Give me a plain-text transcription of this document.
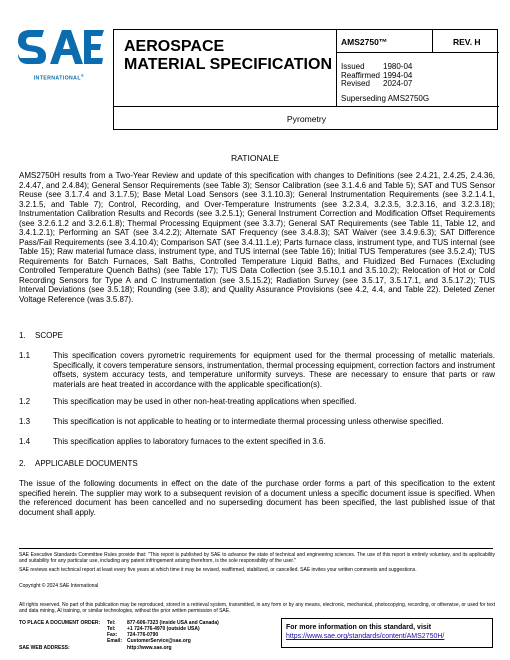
INTERNATIONAL®
AEROSPACE
MATERIAL SPECIFICATION
AMS2750™	REV. H
Issued	1980-04
Reaffirmed 1994-04
Revised	2024-07
Superseding AMS2750G
Pyrometry
RATIONALE
AMS2750H results from a Two-Year Review and update of this specification with changes to Definitions (see 2.4.21, 2.4.25, 2.4.36, 2.4.47, and 2.4.84); General Sensor Requirements (see Table 3); Sensor Calibration (see 3.1.4.6 and Table 5); SAT and TUS Sensor Reuse (see 3.1.7.4 and 3.1.7.5); Base Metal Load Sensors (see 3.1.10.3); General Instrumentation Requirements (see 3.2.1.4.1, 3.2.1.5, and Table 7); Control, Recording, and Over-Temperature Instruments (see 3.2.3.4, 3.2.3.5, 3.2.3.16, and 3.2.3.18); Instrumentation Calibration Results and Records (see 3.2.5.1); General Instrument Correction and Modification Offset Requirements (see 3.2.6.1.2 and 3.2.6.1.8); Thermal Processing Equipment (see 3.3.7); General SAT Requirements (see Table 11, Table 12, and 3.4.1.2.1); Performing an SAT (see 3.4.2.2); Alternate SAT Frequency (see 3.4.8.3); SAT Waiver (see 3.4.9.6.3); SAT Difference Pass/Fail Requirements (see 3.4.10.4); Comparison SAT (see 3.4.11.1.e); Parts furnace class, instrument type, and TUS internal (see Table 15); Raw material furnace class, instrument type, and TUS internal (see Table 16); Initial TUS Temperatures (see 3.5.2.4); TUS Requirements for Batch Furnaces, Salt Baths, Controlled Temperature Liquid Baths, and Fluidized Bed Furnaces (Excluding Controlled Temperature Quench Baths) (see Table 17); TUS Data Collection (see 3.5.10.1 and 3.5.10.2); Relocation of Hot or Cold Recording Sensors for Type A and C Instrumentation (see 3.5.15.2); Radiation Survey (see 3.5.17, 3.5.17.1, and 3.5.17.2); TUS Interval Deviations (see 3.5.18); Rounding (see 3.8); and Quality Assurance Provisions (see 4.2, 4.4, and Table 22). Deleted Zener Voltage Reference (was 3.5.87).
1. SCOPE
1.1	This specification covers pyrometric requirements for equipment used for the thermal processing of metallic materials. Specifically, it covers temperature sensors, instrumentation, thermal processing equipment, correction factors and instrument offsets, system accuracy tests, and temperature uniformity surveys. These are necessary to ensure that parts or raw materials are heat treated in accordance with the applicable specification(s).
1.2	This specification may be used in other non-heat-treating applications when specified.
1.3	This specification is not applicable to heating or to intermediate thermal processing unless otherwise specified.
1.4	This specification applies to laboratory furnaces to the extent specified in 3.6.
2. APPLICABLE DOCUMENTS
The issue of the following documents in effect on the date of the purchase order forms a part of this specification to the extent specified herein. The supplier may work to a subsequent revision of a document unless a specific document issue is specified. When the referenced document has been cancelled and no superseding document has been specified, the last published issue of that document shall apply.
SAE Executive Standards Committee Rules provide that: "This report is published by SAE to advance the state of technical and engineering sciences. The use of this report is entirely voluntary, and its applicability and suitability for any particular use, including any patent infringement arising therefrom, is the sole responsibility of the user."
SAE reviews each technical report at least every five years at which time it may be revised, reaffirmed, stabilized, or cancelled. SAE invites your written comments and suggestions.
Copyright © 2024 SAE International
All rights reserved. No part of this publication may be reproduced, stored in a retrieval system, transmitted, in any form or by any means, electronic, mechanical, photocopying, recording, or otherwise, or used for text and data mining, AI training, or similar technologies, without the prior written permission of SAE.
TO PLACE A DOCUMENT ORDER:	Tel:	877-606-7323 (inside USA and Canada)
Tel:	+1 724-776-4970 (outside USA)
Fax:	724-776-0790
Email: CustomerService@sae.org
SAE WEB ADDRESS:	http://www.sae.org
For more information on this standard, visit
https://www.sae.org/standards/content/AMS2750H/
